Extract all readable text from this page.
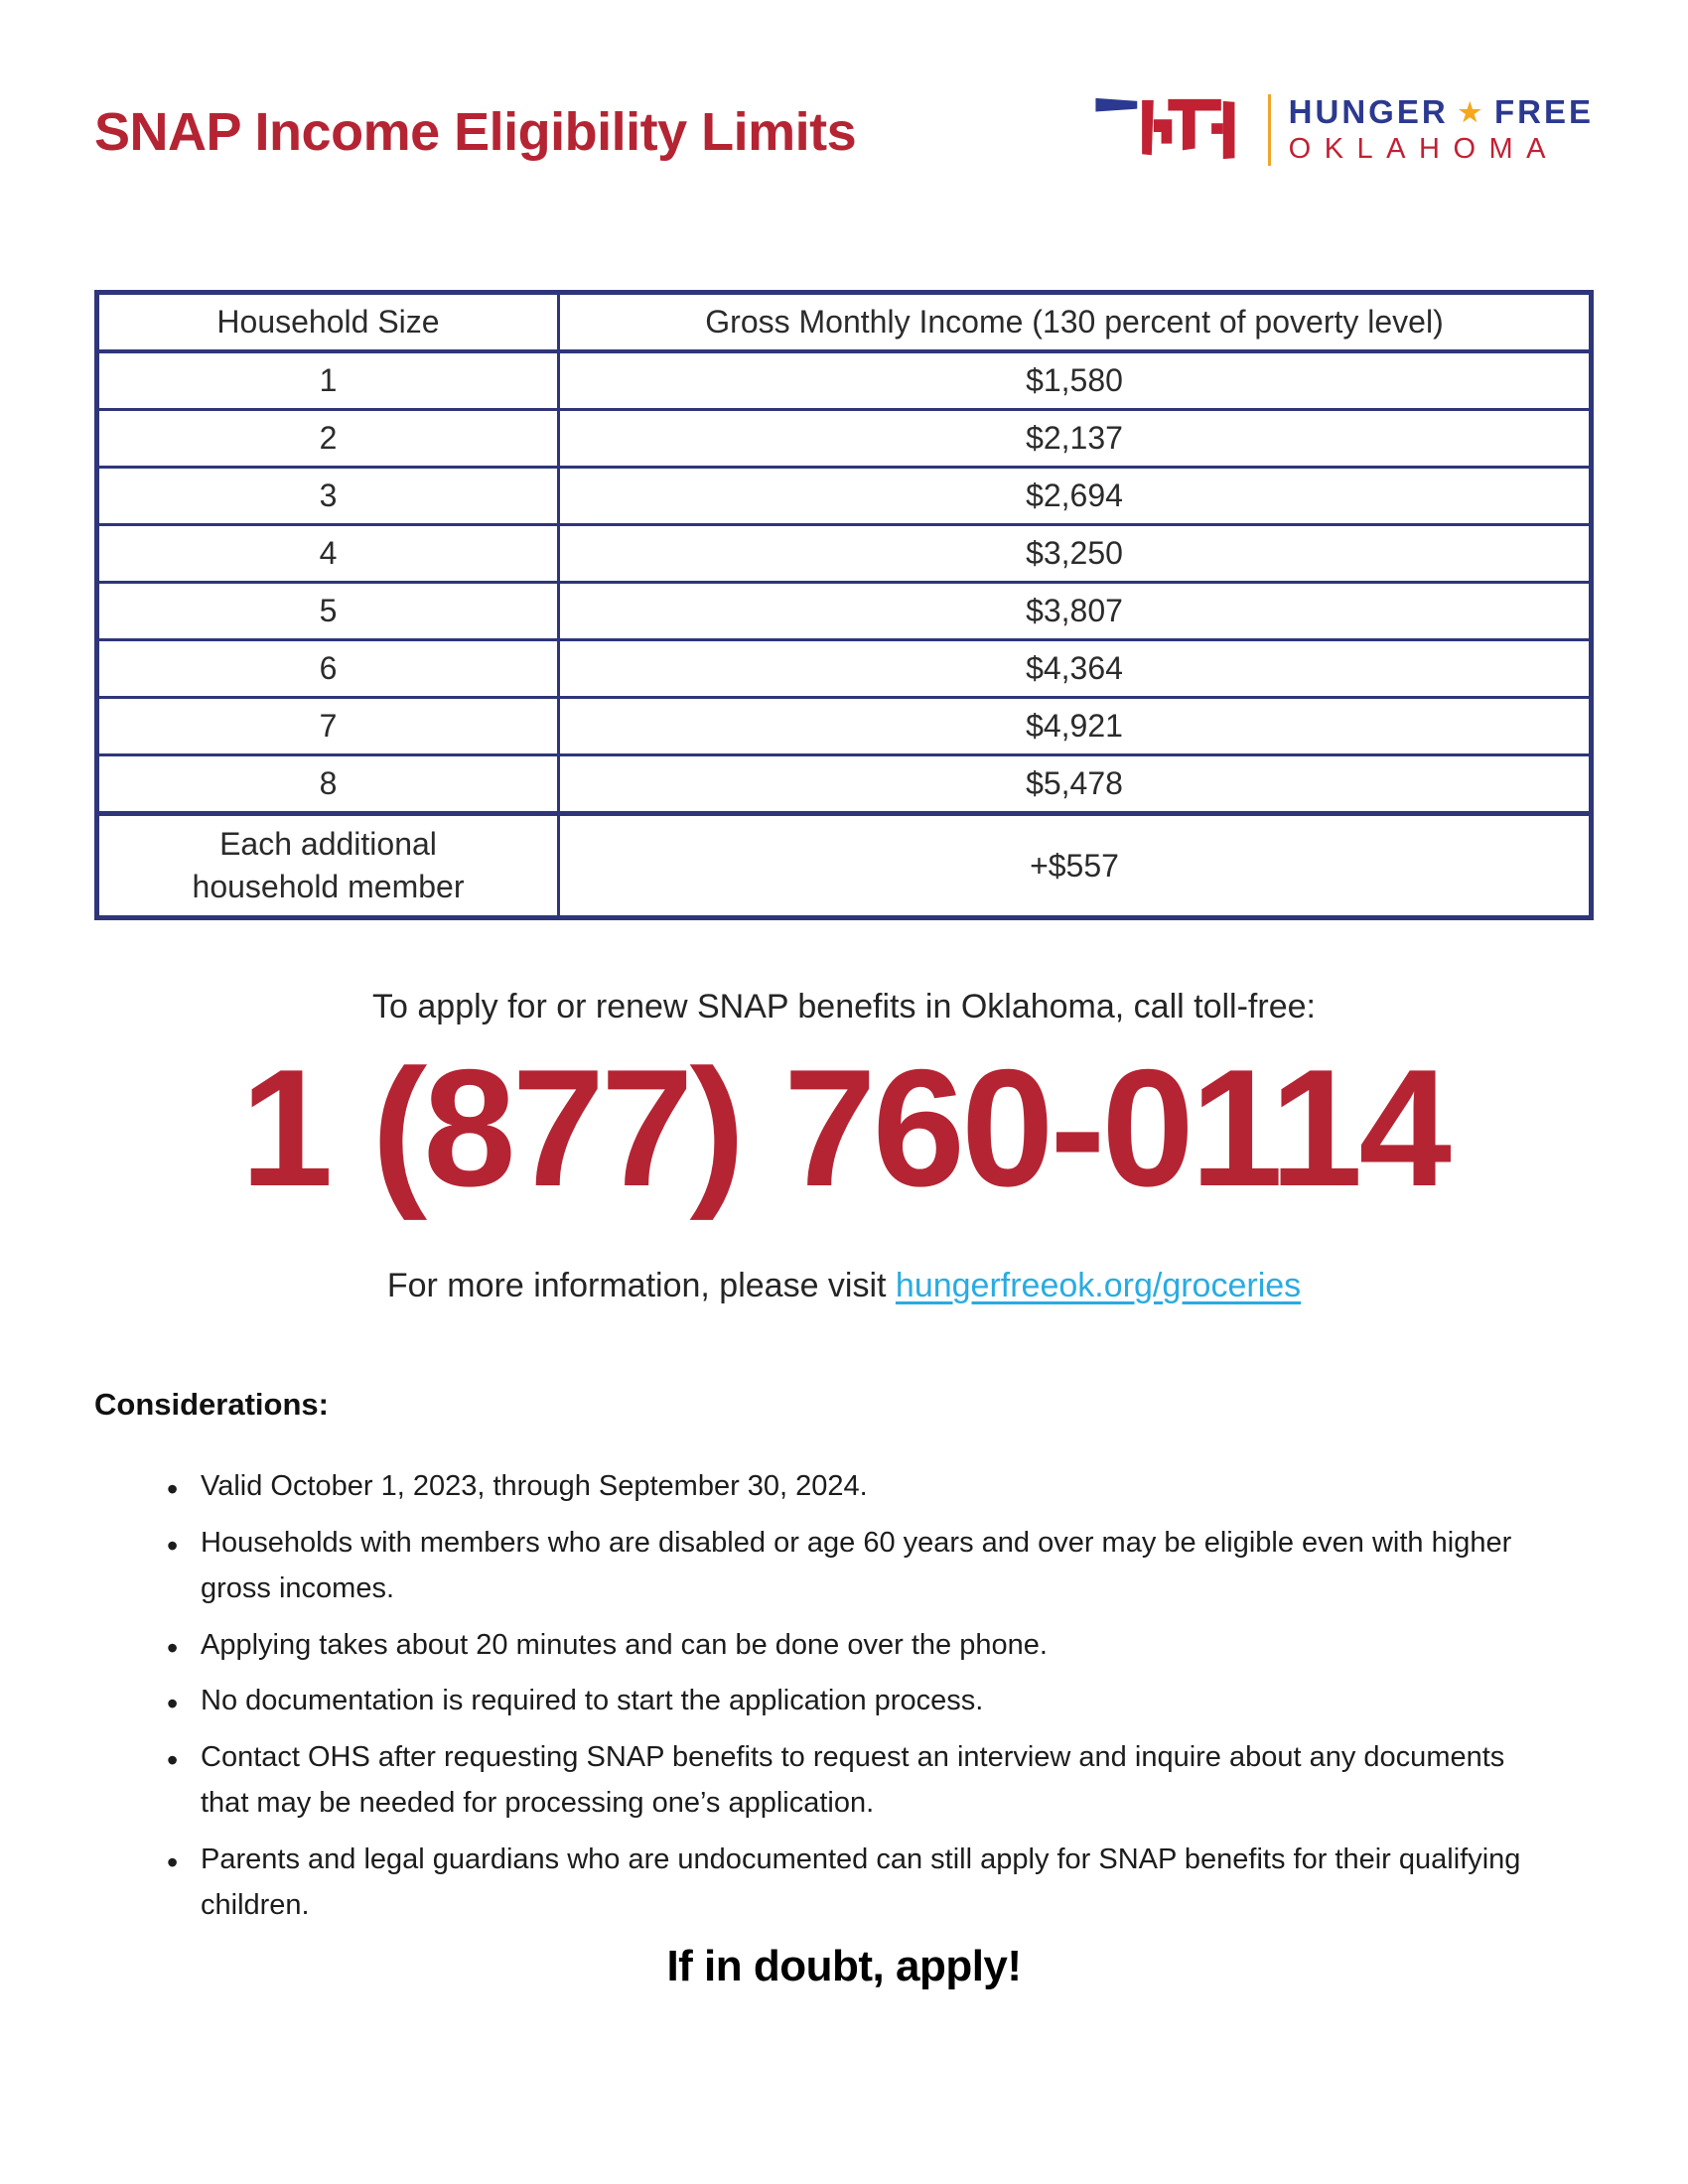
SNAP Income Eligibility Limits	HUNGER ★ FREE
OKLAHOMA
Household Size	Gross Monthly Income (130 percent of poverty level)
1	$1,580
2	$2,137
3	$2,694
4	$3,250
5	$3,807
6	$4,364
7	$4,921
8	$5,478
Each additional household member	+$557

To apply for or renew SNAP benefits in Oklahoma, call toll-free:

1 (877) 760-0114

For more information, please visit hungerfreeok.org/groceries

Considerations:
• Valid October 1, 2023, through September 30, 2024.
• Households with members who are disabled or age 60 years and over may be eligible even with higher gross incomes.
• Applying takes about 20 minutes and can be done over the phone.
• No documentation is required to start the application process.
• Contact OHS after requesting SNAP benefits to request an interview and inquire about any documents that may be needed for processing one’s application.
• Parents and legal guardians who are undocumented can still apply for SNAP benefits for their qualifying children.
If in doubt, apply!
